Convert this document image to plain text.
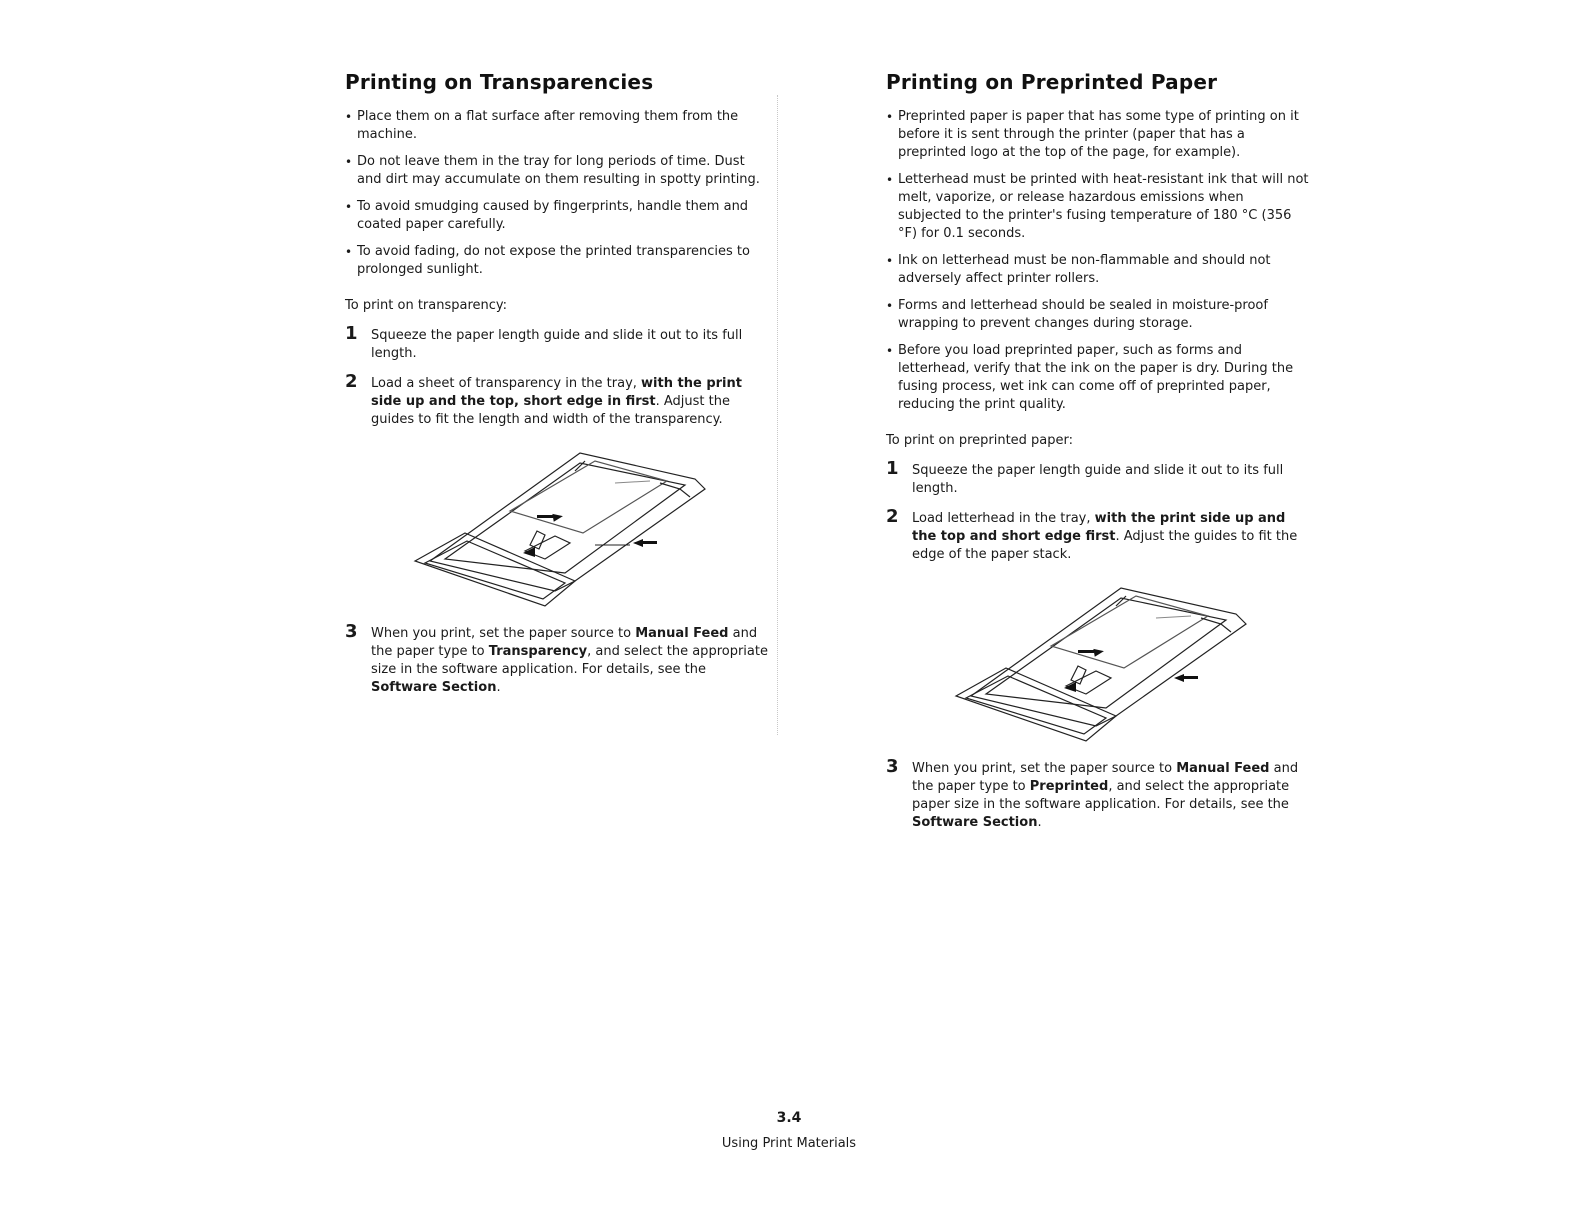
Printing on Transparencies
• Place them on a flat surface after removing them from the machine.
• Do not leave them in the tray for long periods of time. Dust and dirt may accumulate on them resulting in spotty printing.
• To avoid smudging caused by fingerprints, handle them and coated paper carefully.
• To avoid fading, do not expose the printed transparencies to prolonged sunlight.
To print on transparency:
1 Squeeze the paper length guide and slide it out to its full length.
2 Load a sheet of transparency in the tray, with the print side up and the top, short edge in first. Adjust the guides to fit the length and width of the transparency.
3 When you print, set the paper source to Manual Feed and the paper type to Transparency, and select the appropriate size in the software application. For details, see the Software Section.
Printing on Preprinted Paper
• Preprinted paper is paper that has some type of printing on it before it is sent through the printer (paper that has a preprinted logo at the top of the page, for example).
• Letterhead must be printed with heat-resistant ink that will not melt, vaporize, or release hazardous emissions when subjected to the printer's fusing temperature of 180 °C (356 °F) for 0.1 seconds.
• Ink on letterhead must be non-flammable and should not adversely affect printer rollers.
• Forms and letterhead should be sealed in moisture-proof wrapping to prevent changes during storage.
• Before you load preprinted paper, such as forms and letterhead, verify that the ink on the paper is dry. During the fusing process, wet ink can come off of preprinted paper, reducing the print quality.
To print on preprinted paper:
1 Squeeze the paper length guide and slide it out to its full length.
2 Load letterhead in the tray, with the print side up and the top and short edge first. Adjust the guides to fit the edge of the paper stack.
3 When you print, set the paper source to Manual Feed and the paper type to Preprinted, and select the appropriate paper size in the software application. For details, see the Software Section.
3.4
Using Print Materials
